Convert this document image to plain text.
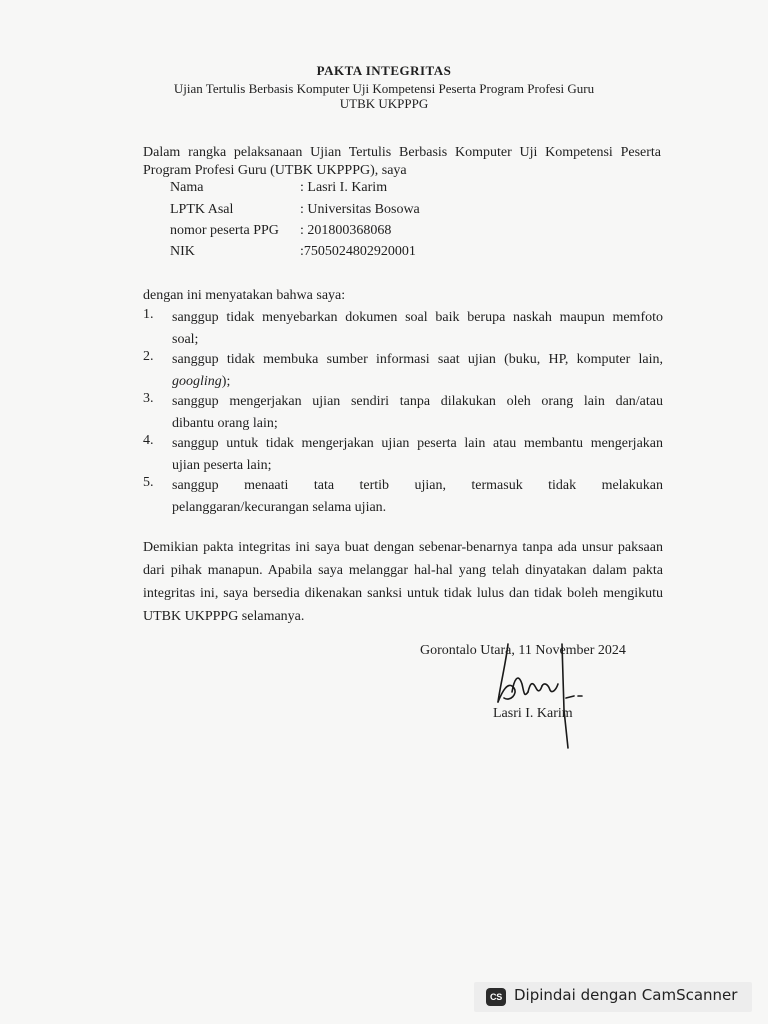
PAKTA INTEGRITAS
Ujian Tertulis Berbasis Komputer Uji Kompetensi Peserta Program Profesi Guru
UTBK UKPPPG
Dalam rangka pelaksanaan Ujian Tertulis Berbasis Komputer Uji Kompetensi Peserta Program Profesi Guru (UTBK UKPPPG), saya
Nama	: Lasri I. Karim
LPTK Asal	: Universitas Bosowa
nomor peserta PPG : 201800368068
NIK	:7505024802920001
dengan ini menyatakan bahwa saya:
1. sanggup tidak menyebarkan dokumen soal baik berupa naskah maupun memfoto
soal;
2. sanggup tidak membuka sumber informasi saat ujian (buku, HP, komputer lain,
googling);
3. sanggup mengerjakan ujian sendiri tanpa dilakukan oleh orang lain dan/atau
dibantu orang lain;
4. sanggup untuk tidak mengerjakan ujian peserta lain atau membantu mengerjakan
ujian peserta lain;
5. sanggup menaati tata tertib ujian, termasuk tidak melakukan
pelanggaran/kecurangan selama ujian.
Demikian pakta integritas ini saya buat dengan sebenar-benarnya tanpa ada unsur paksaan dari pihak manapun. Apabila saya melanggar hal-hal yang telah dinyatakan dalam pakta integritas ini, saya bersedia dikenakan sanksi untuk tidak lulus dan tidak boleh mengikutu UTBK UKPPPG selamanya.
Gorontalo Utara, 11 November 2024
Lasri I. Karim
CS Dipindai dengan CamScanner
